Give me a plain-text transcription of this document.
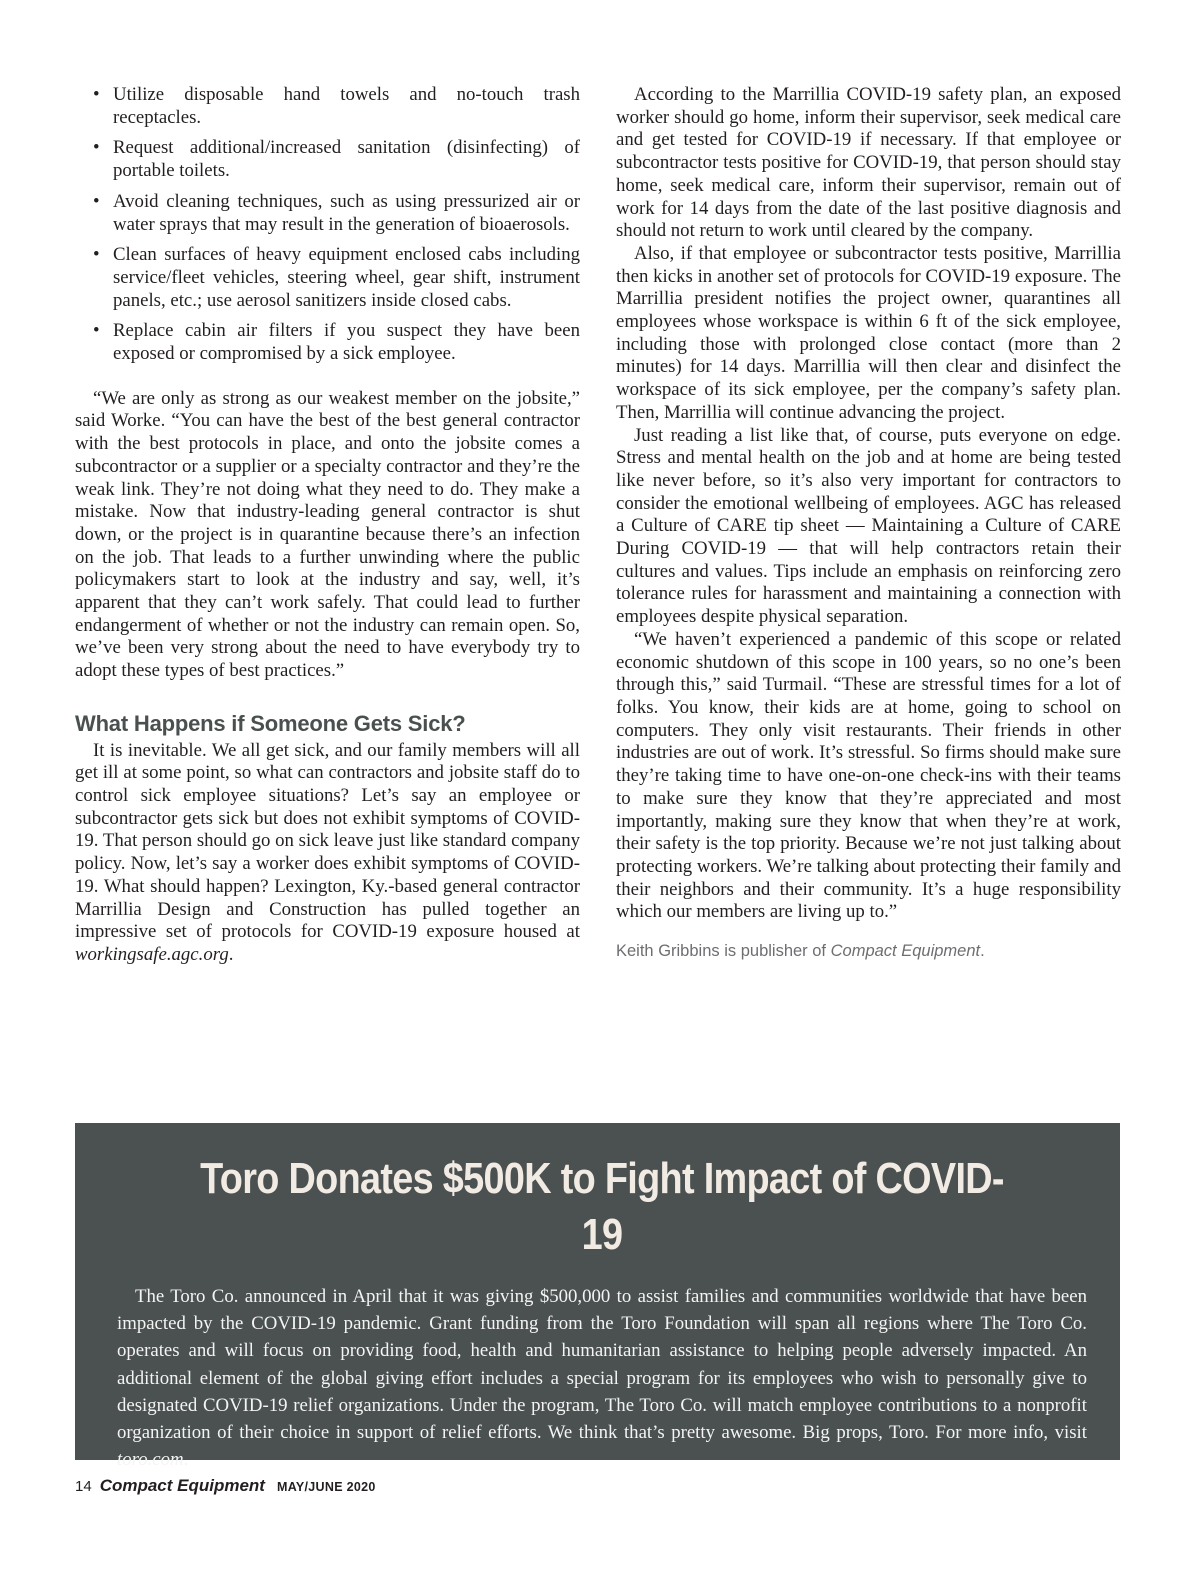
• Utilize disposable hand towels and no-touch trash receptacles.
• Request additional/increased sanitation (disinfecting) of portable toilets.
• Avoid cleaning techniques, such as using pressurized air or water sprays that may result in the generation of bioaerosols.
• Clean surfaces of heavy equipment enclosed cabs including service/fleet vehicles, steering wheel, gear shift, instrument panels, etc.; use aerosol sanitizers inside closed cabs.
• Replace cabin air filters if you suspect they have been exposed or compromised by a sick employee.

“We are only as strong as our weakest member on the jobsite,” said Worke. “You can have the best of the best general contractor with the best protocols in place, and onto the jobsite comes a subcontractor or a supplier or a specialty contractor and they’re the weak link. They’re not doing what they need to do. They make a mistake. Now that industry-leading general contractor is shut down, or the project is in quarantine because there’s an infection on the job. That leads to a further unwinding where the public policymakers start to look at the industry and say, well, it’s apparent that they can’t work safely. That could lead to further endangerment of whether or not the industry can remain open. So, we’ve been very strong about the need to have everybody try to adopt these types of best practices.”

What Happens if Someone Gets Sick?

It is inevitable. We all get sick, and our family members will all get ill at some point, so what can contractors and jobsite staff do to control sick employee situations? Let’s say an employee or subcontractor gets sick but does not exhibit symptoms of COVID-19. That person should go on sick leave just like standard company policy. Now, let’s say a worker does exhibit symptoms of COVID-19. What should happen? Lexington, Ky.-based general contractor Marrillia Design and Construction has pulled together an impressive set of protocols for COVID-19 exposure housed at workingsafe.agc.org.

According to the Marrillia COVID-19 safety plan, an exposed worker should go home, inform their supervisor, seek medical care and get tested for COVID-19 if necessary. If that employee or subcontractor tests positive for COVID-19, that person should stay home, seek medical care, inform their supervisor, remain out of work for 14 days from the date of the last positive diagnosis and should not return to work until cleared by the company.

Also, if that employee or subcontractor tests positive, Marrillia then kicks in another set of protocols for COVID-19 exposure. The Marrillia president notifies the project owner, quarantines all employees whose workspace is within 6 ft of the sick employee, including those with prolonged close contact (more than 2 minutes) for 14 days. Marrillia will then clear and disinfect the workspace of its sick employee, per the company’s safety plan. Then, Marrillia will continue advancing the project.

Just reading a list like that, of course, puts everyone on edge. Stress and mental health on the job and at home are being tested like never before, so it’s also very important for contractors to consider the emotional wellbeing of employees. AGC has released a Culture of CARE tip sheet — Maintaining a Culture of CARE During COVID-19 — that will help contractors retain their cultures and values. Tips include an emphasis on reinforcing zero tolerance rules for harassment and maintaining a connection with employees despite physical separation.

“We haven’t experienced a pandemic of this scope or related economic shutdown of this scope in 100 years, so no one’s been through this,” said Turmail. “These are stressful times for a lot of folks. You know, their kids are at home, going to school on computers. They only visit restaurants. Their friends in other industries are out of work. It’s stressful. So firms should make sure they’re taking time to have one-on-one check-ins with their teams to make sure they know that they’re appreciated and most importantly, making sure they know that when they’re at work, their safety is the top priority. Because we’re not just talking about protecting workers. We’re talking about protecting their family and their neighbors and their community. It’s a huge responsibility which our members are living up to.”

Keith Gribbins is publisher of Compact Equipment.
Toro Donates $500K to Fight Impact of COVID-19

The Toro Co. announced in April that it was giving $500,000 to assist families and communities worldwide that have been impacted by the COVID-19 pandemic. Grant funding from the Toro Foundation will span all regions where The Toro Co. operates and will focus on providing food, health and humanitarian assistance to helping people adversely impacted. An additional element of the global giving effort includes a special program for its employees who wish to personally give to designated COVID-19 relief organizations. Under the program, The Toro Co. will match employee contributions to a nonprofit organization of their choice in support of relief efforts. We think that’s pretty awesome. Big props, Toro. For more info, visit toro.com.

14 Compact Equipment MAY/JUNE 2020
